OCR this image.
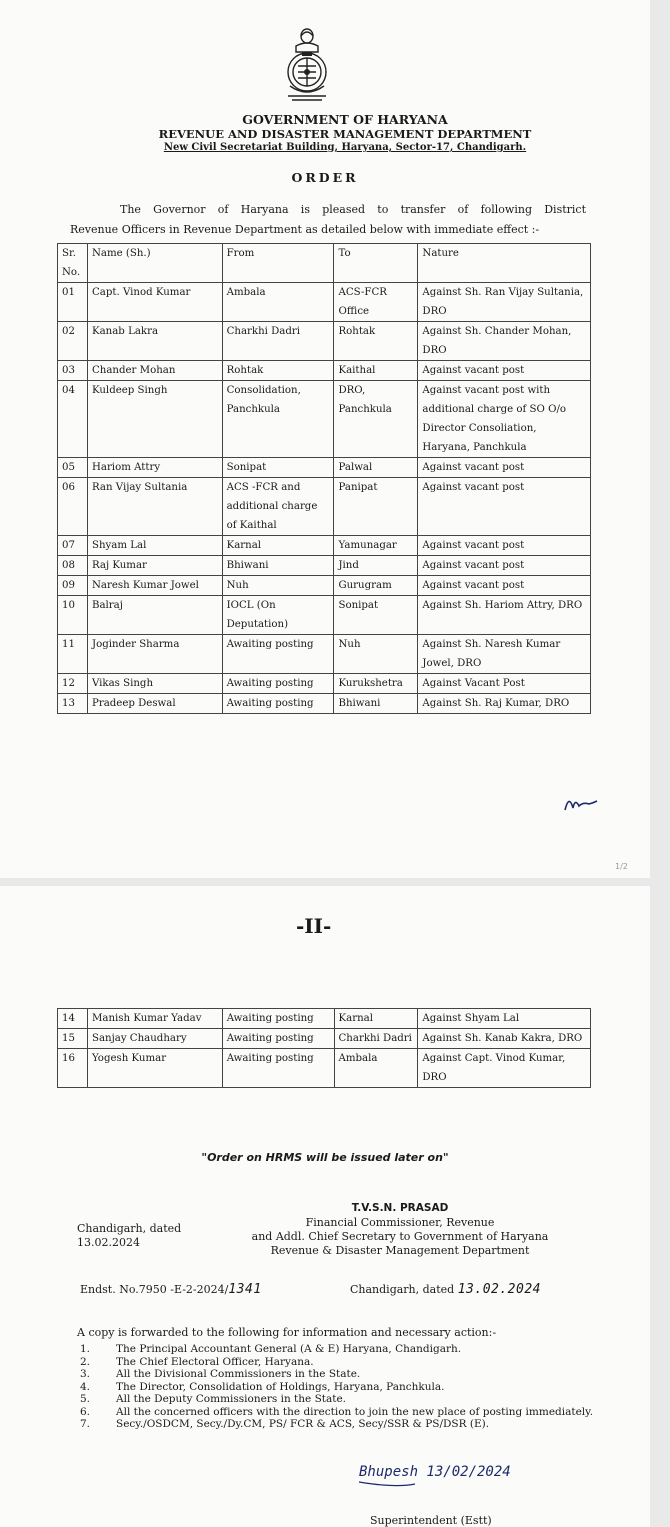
GOVERNMENT OF HARYANA
REVENUE AND DISASTER MANAGEMENT DEPARTMENT
New Civil Secretariat Building, Haryana, Sector-17, Chandigarh.
ORDER
The Governor of Haryana is pleased to transfer of following District
Revenue Officers in Revenue Department as detailed below with immediate effect :-
Sr. No.	Name (Sh.)	From	To	Nature
01	Capt. Vinod Kumar	Ambala	ACS-FCR Office	Against Sh. Ran Vijay Sultania, DRO
02	Kanab Lakra	Charkhi Dadri	Rohtak	Against Sh. Chander Mohan, DRO
03	Chander Mohan	Rohtak	Kaithal	Against vacant post
04	Kuldeep Singh	Consolidation, Panchkula	DRO, Panchkula	Against vacant post with additional charge of SO O/o Director Consoliation, Haryana, Panchkula
05	Hariom Attry	Sonipat	Palwal	Against vacant post
06	Ran Vijay Sultania	ACS -FCR and additional charge of Kaithal	Panipat	Against vacant post
07	Shyam Lal	Karnal	Yamunagar	Against vacant post
08	Raj Kumar	Bhiwani	Jind	Against vacant post
09	Naresh Kumar Jowel	Nuh	Gurugram	Against vacant post
10	Balraj	IOCL (On Deputation)	Sonipat	Against Sh. Hariom Attry, DRO
11	Joginder Sharma	Awaiting posting	Nuh	Against Sh. Naresh Kumar Jowel, DRO
12	Vikas Singh	Awaiting posting	Kurukshetra	Against Vacant Post
13	Pradeep Deswal	Awaiting posting	Bhiwani	Against Sh. Raj Kumar, DRO
1/2
-II-
14	Manish Kumar Yadav	Awaiting posting	Karnal	Against Shyam Lal
15	Sanjay Chaudhary	Awaiting posting	Charkhi Dadri	Against Sh. Kanab Kakra, DRO
16	Yogesh Kumar	Awaiting posting	Ambala	Against Capt. Vinod Kumar, DRO
"Order on HRMS will be issued later on"
T.V.S.N. PRASAD
Financial Commissioner, Revenue
and Addl. Chief Secretary to Government of Haryana
Revenue & Disaster Management Department
Chandigarh, dated
13.02.2024
Endst. No.7950 -E-2-2024/1341	Chandigarh, dated 13.02.2024
A copy is forwarded to the following for information and necessary action:-
1.	The Principal Accountant General (A & E) Haryana, Chandigarh.
2.	The Chief Electoral Officer, Haryana.
3.	All the Divisional Commissioners in the State.
4.	The Director, Consolidation of Holdings, Haryana, Panchkula.
5.	All the Deputy Commissioners in the State.
6.	All the concerned officers with the direction to join the new place of posting immediately.
7.	Secy./OSDCM, Secy./Dy.CM, PS/ FCR & ACS, Secy/SSR & PS/DSR (E).
Bhupesh 13/02/2024
Superintendent (Estt)
